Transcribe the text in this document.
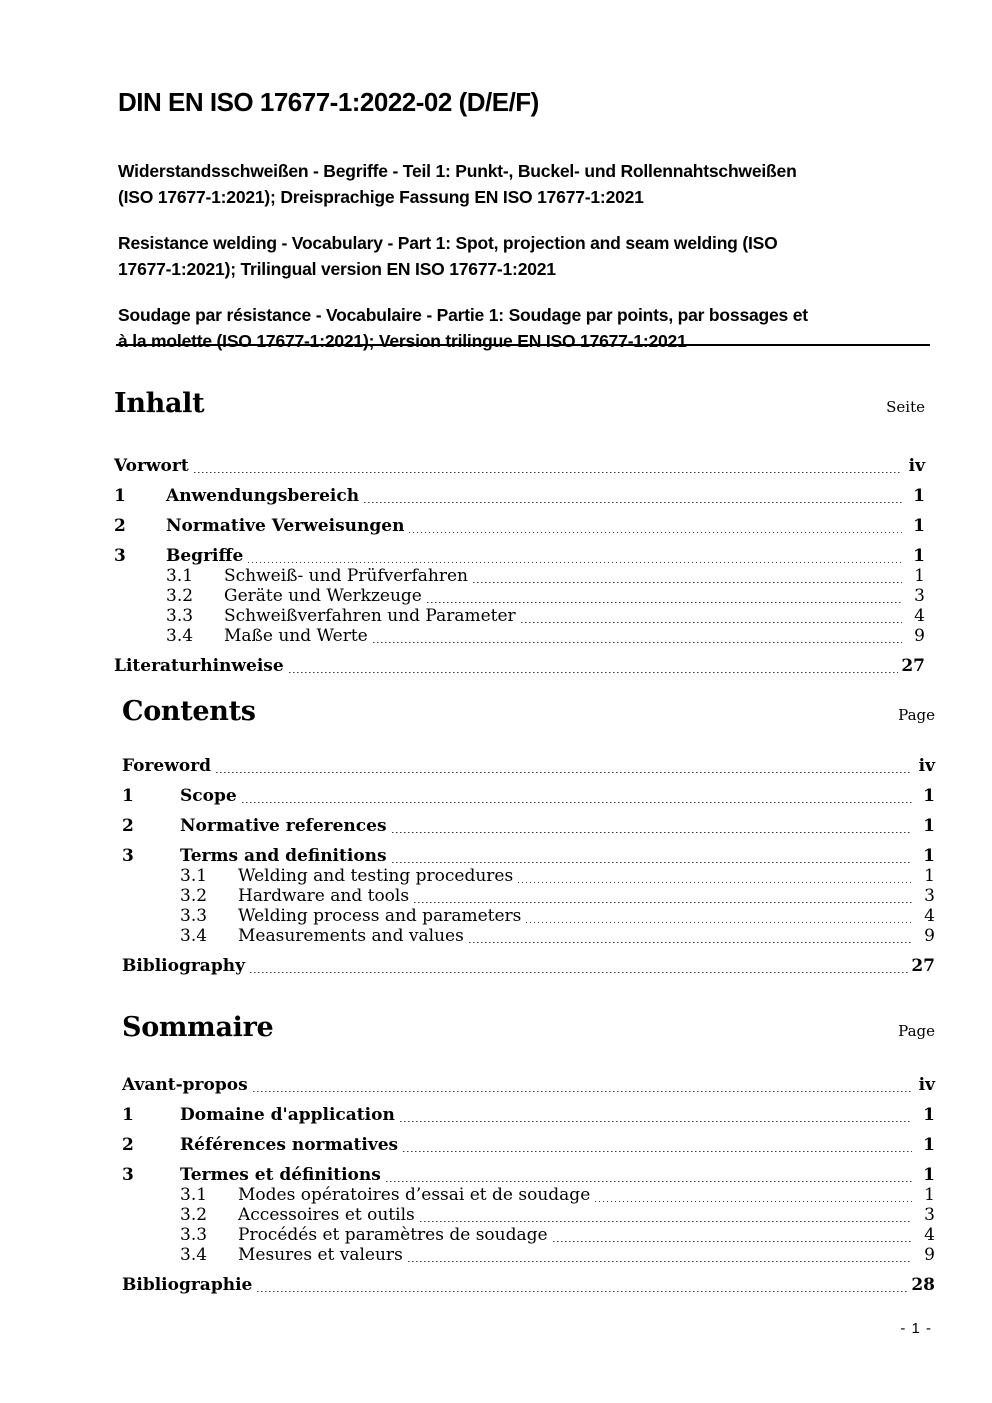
DIN EN ISO 17677-1:2022-02 (D/E/F)
Widerstandsschweißen - Begriffe - Teil 1: Punkt-, Buckel- und Rollennahtschweißen
(ISO 17677-1:2021); Dreisprachige Fassung EN ISO 17677-1:2021
Resistance welding - Vocabulary - Part 1: Spot, projection and seam welding (ISO
17677-1:2021); Trilingual version EN ISO 17677-1:2021
Soudage par résistance - Vocabulaire - Partie 1: Soudage par points, par bossages et
à la molette (ISO 17677-1:2021); Version trilingue EN ISO 17677-1:2021
Inhalt	Seite
Vorwort	iv
1	Anwendungsbereich	1
2	Normative Verweisungen	1
3	Begriffe	1
3.1	Schweiß- und Prüfverfahren	1
3.2	Geräte und Werkzeuge	3
3.3	Schweißverfahren und Parameter	4
3.4	Maße und Werte	9
Literaturhinweise	27
Contents	Page
Foreword	iv
1	Scope	1
2	Normative references	1
3	Terms and definitions	1
3.1	Welding and testing procedures	1
3.2	Hardware and tools	3
3.3	Welding process and parameters	4
3.4	Measurements and values	9
Bibliography	27
Sommaire	Page
Avant-propos	iv
1	Domaine d'application	1
2	Références normatives	1
3	Termes et définitions	1
3.1	Modes opératoires d’essai et de soudage	1
3.2	Accessoires et outils	3
3.3	Procédés et paramètres de soudage	4
3.4	Mesures et valeurs	9
Bibliographie	28
- 1 -
